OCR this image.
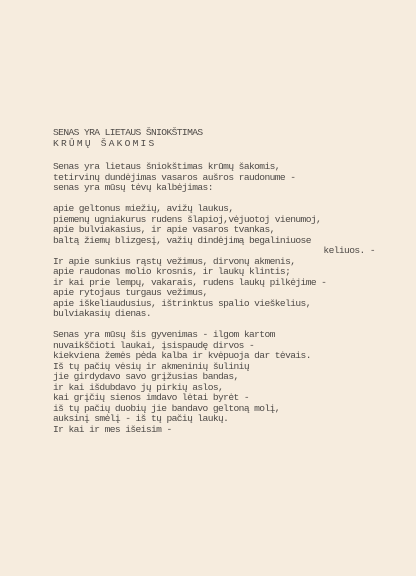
SENAS YRA LIETAUS ŠNIOKŠTIMAS
KRŪMŲ ŠAKOMIS
Senas yra lietaus šniokštimas krūmų šakomis,
tetirvinų dundėjimas vasaros aušros raudonume -
senas yra mūsų tėvų kalbėjimas:
apie geltonus miežių, avižų laukus,
piemenų ugniakurus rudens šlapioj,vėjuotoj vienumoj,
apie bulviakasius, ir apie vasaros tvankas,
baltą žiemų blizgesį, važių dindėjimą begaliniuose
keliuos. -
Ir apie sunkius rąstų vežimus, dirvonų akmenis,
apie raudonas molio krosnis, ir laukų klintis;
ir kai prie lempų, vakarais, rudens laukų pilkėjime -
apie rytojaus turgaus vežimus,
apie iškeliaudusius, ištrinktus spalio vieškelius,
bulviakasių dienas.
Senas yra mūsų šis gyvenimas - ilgom kartom
nuvaikščioti laukai, įsispaudę dirvos -
kiekviena žemės pėda kalba ir kvėpuoja dar tėvais.
Iš tų pačių vėsių ir akmeninių šulinių
jie girdydavo savo grįžusias bandas,
ir kai išdubdavo jų pirkių aslos,
kai grįčių sienos imdavo lėtai byrėt -
iš tų pačių duobių jie bandavo geltoną molį,
auksinį smėlį - iš tų pačių laukų.
Ir kai ir mes išeisim -
